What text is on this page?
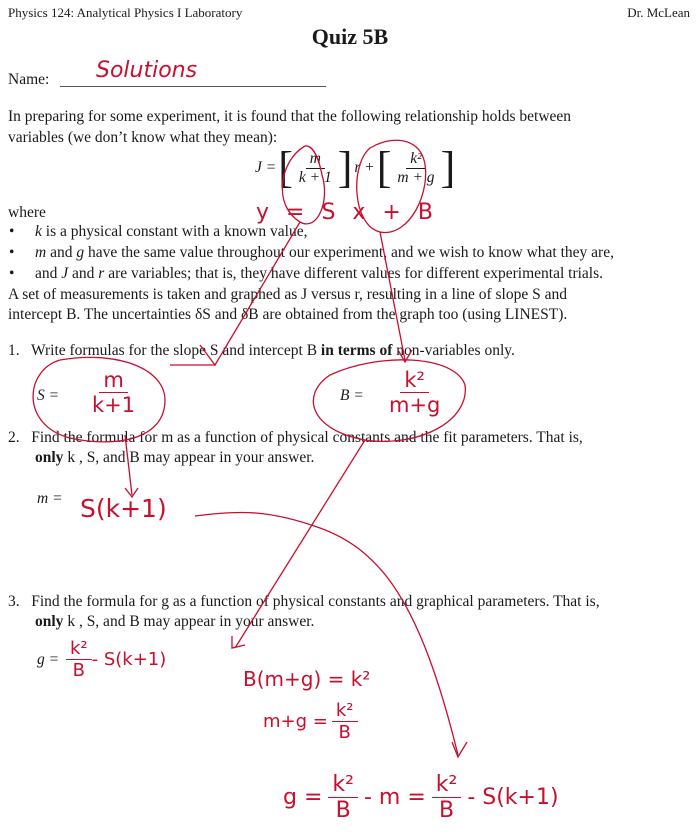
Physics 124: Analytical Physics I Laboratory	Dr. McLean
Quiz 5B
Name: Solutions
In preparing for some experiment, it is found that the following relationship holds between
variables (we don’t know what they mean):
J = [ $\frac{m}{k + 1}$ ] r + [ $\frac{\text{k²}}{m + g}$ ]
y = S x + B
where
• k is a physical constant with a known value,
• m and g have the same value throughout our experiment, and we wish to know what they are,
• and J and r are variables; that is, they have different values for different experimental trials.
A set of measurements is taken and graphed as J versus r, resulting in a line of slope S and
intercept B. The uncertainties δS and δB are obtained from the graph too (using LINEST).
1. Write formulas for the slope S and intercept B in terms of non-variables only.
$S = \frac{m}{k+1}$	$B = \frac{\text{k²}}{m+g}$
2. Find the formula for m as a function of physical constants and the fit parameters. That is,
only k , S, and B may appear in your answer.
m = S(k+1)
3. Find the formula for g as a function of physical constants and graphical parameters. That is,
only k , S, and B may appear in your answer.
$g = \frac{\text{k²}}{B} - S(k+1)$
B(m+g) = k²
$m+g = \frac{\text{k²}}{B}$
$g = \frac{\text{k²}}{B} - m = \frac{\text{k²}}{B} - S(k+1)$
